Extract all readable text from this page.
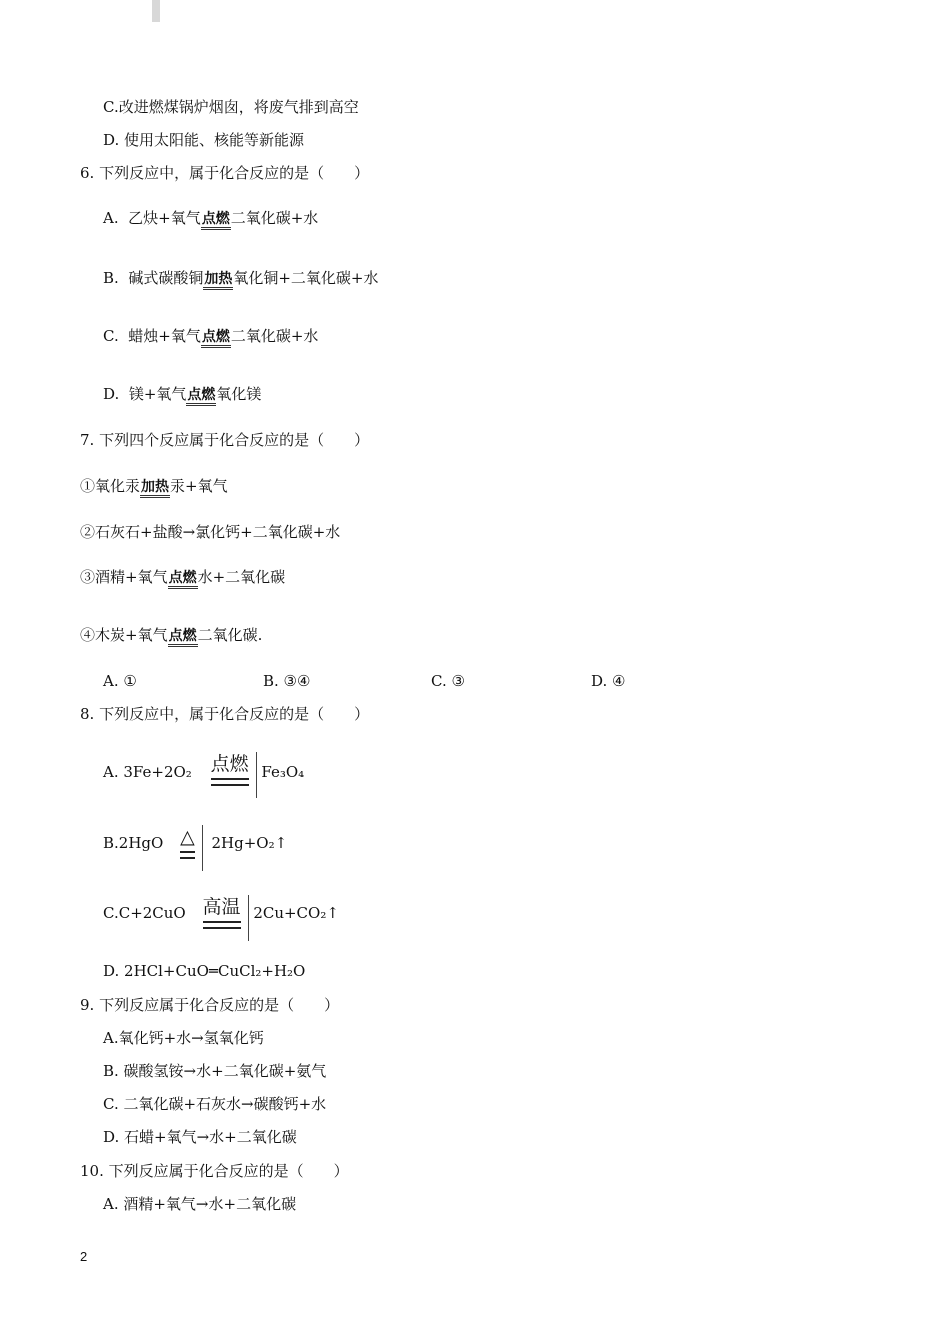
C.改进燃煤锅炉烟囱，将废气排到高空
D. 使用太阳能、核能等新能源
6. 下列反应中，属于化合反应的是（　　）
A. 乙炔+氧气点燃二氧化碳+水
B. 碱式碳酸铜加热氧化铜+二氧化碳+水
C. 蜡烛+氧气点燃二氧化碳+水
D. 镁+氧气点燃氧化镁
7. 下列四个反应属于化合反应的是（　　）
①氧化汞加热汞+氧气
②石灰石+盐酸→氯化钙+二氧化碳+水
③酒精+氧气点燃水+二氧化碳
④木炭+氧气点燃二氧化碳.
A. ①	B. ③④	C. ③	D. ④
8. 下列反应中，属于化合反应的是（　　）
A. 3Fe+2O₂ 点燃 Fe₃O₄
B.2HgO △ 2Hg+O₂↑
C.C+2CuO 高温 2Cu+CO₂↑
D. 2HCl+CuO═CuCl₂+H₂O
9. 下列反应属于化合反应的是（　　）
A.氧化钙+水→氢氧化钙
B. 碳酸氢铵→水+二氧化碳+氨气
C. 二氧化碳+石灰水→碳酸钙+水
D. 石蜡+氧气→水+二氧化碳
10. 下列反应属于化合反应的是（　　）
A. 酒精+氧气→水+二氧化碳
2
